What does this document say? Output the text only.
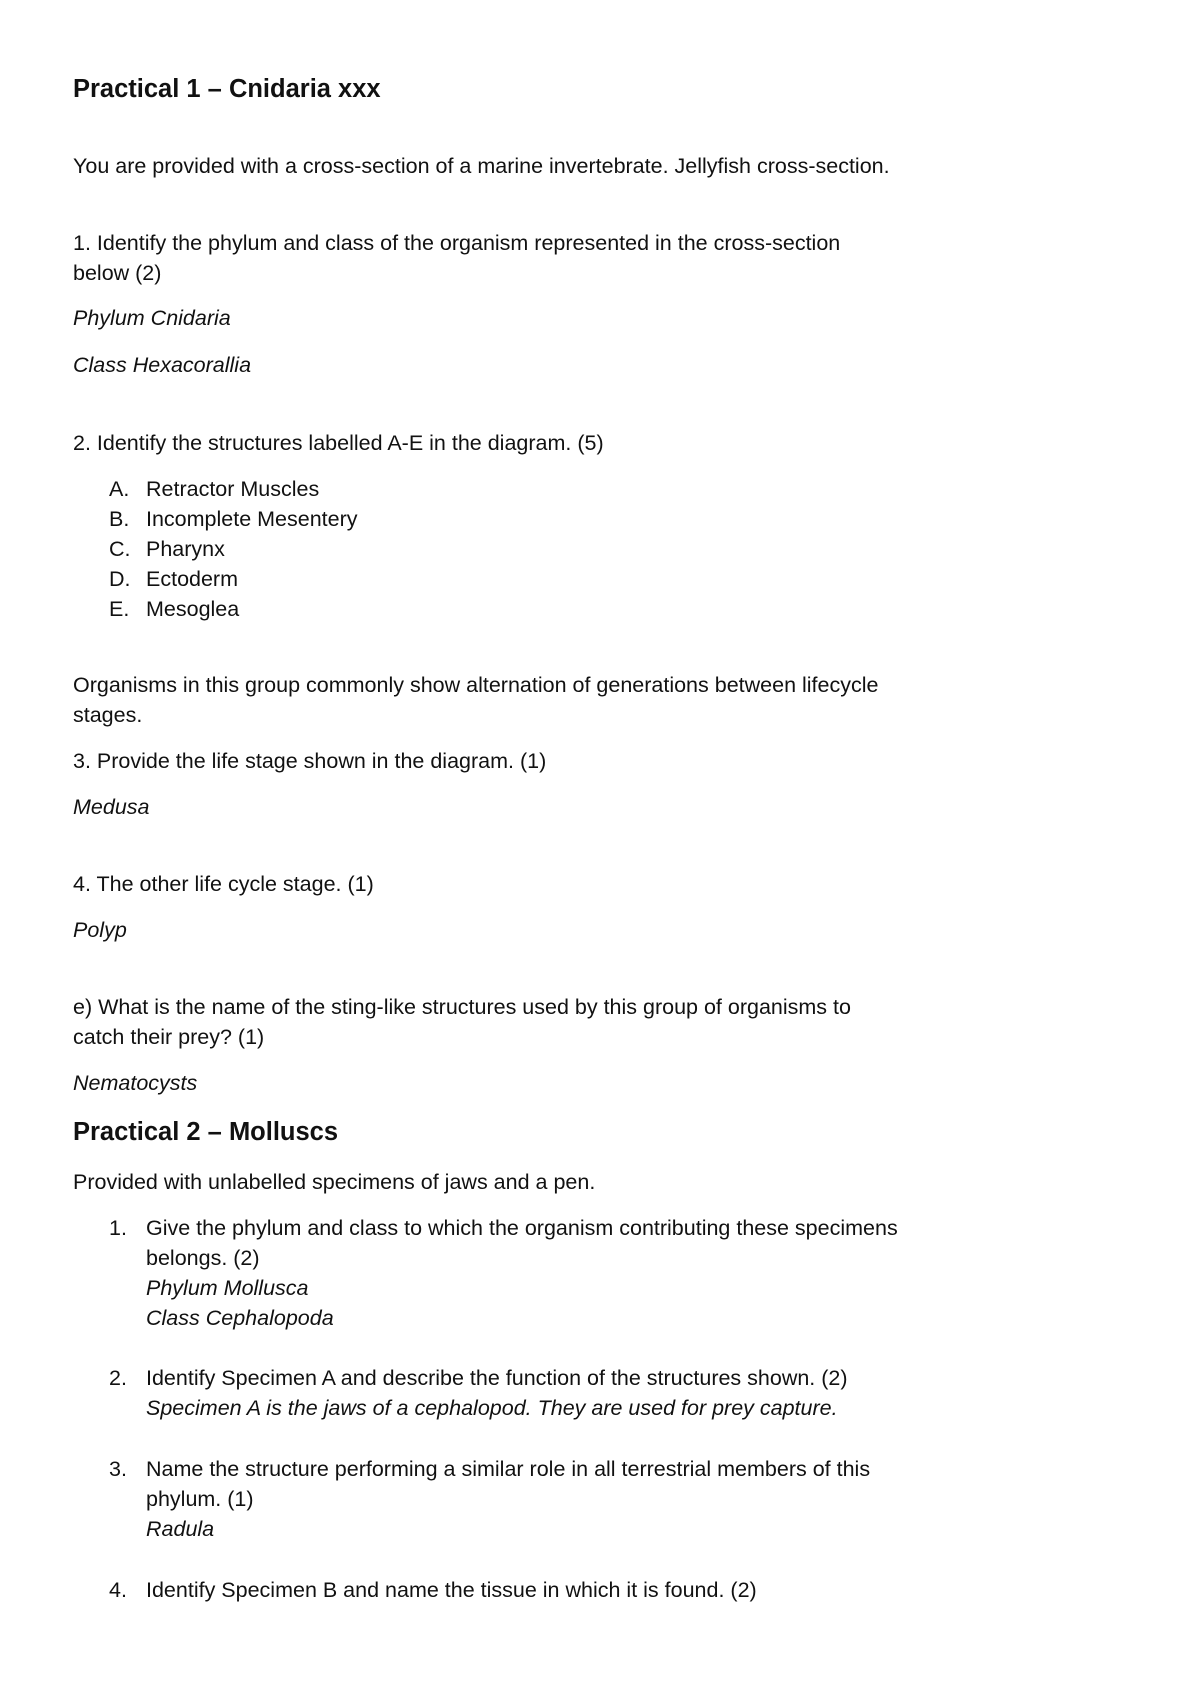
Practical 1 – Cnidaria xxx
You are provided with a cross-section of a marine invertebrate. Jellyfish cross-section.
1. Identify the phylum and class of the organism represented in the cross-section
below (2)
Phylum Cnidaria
Class Hexacorallia
2. Identify the structures labelled A-E in the diagram. (5)
A. Retractor Muscles
B. Incomplete Mesentery
C. Pharynx
D. Ectoderm
E. Mesoglea
Organisms in this group commonly show alternation of generations between lifecycle
stages.
3. Provide the life stage shown in the diagram. (1)
Medusa
4. The other life cycle stage. (1)
Polyp
e) What is the name of the sting-like structures used by this group of organisms to
catch their prey? (1)
Nematocysts
Practical 2 – Molluscs
Provided with unlabelled specimens of jaws and a pen.
1. Give the phylum and class to which the organism contributing these specimens
belongs. (2)
Phylum Mollusca
Class Cephalopoda
2. Identify Specimen A and describe the function of the structures shown. (2)
Specimen A is the jaws of a cephalopod. They are used for prey capture.
3. Name the structure performing a similar role in all terrestrial members of this
phylum. (1)
Radula
4. Identify Specimen B and name the tissue in which it is found. (2)
